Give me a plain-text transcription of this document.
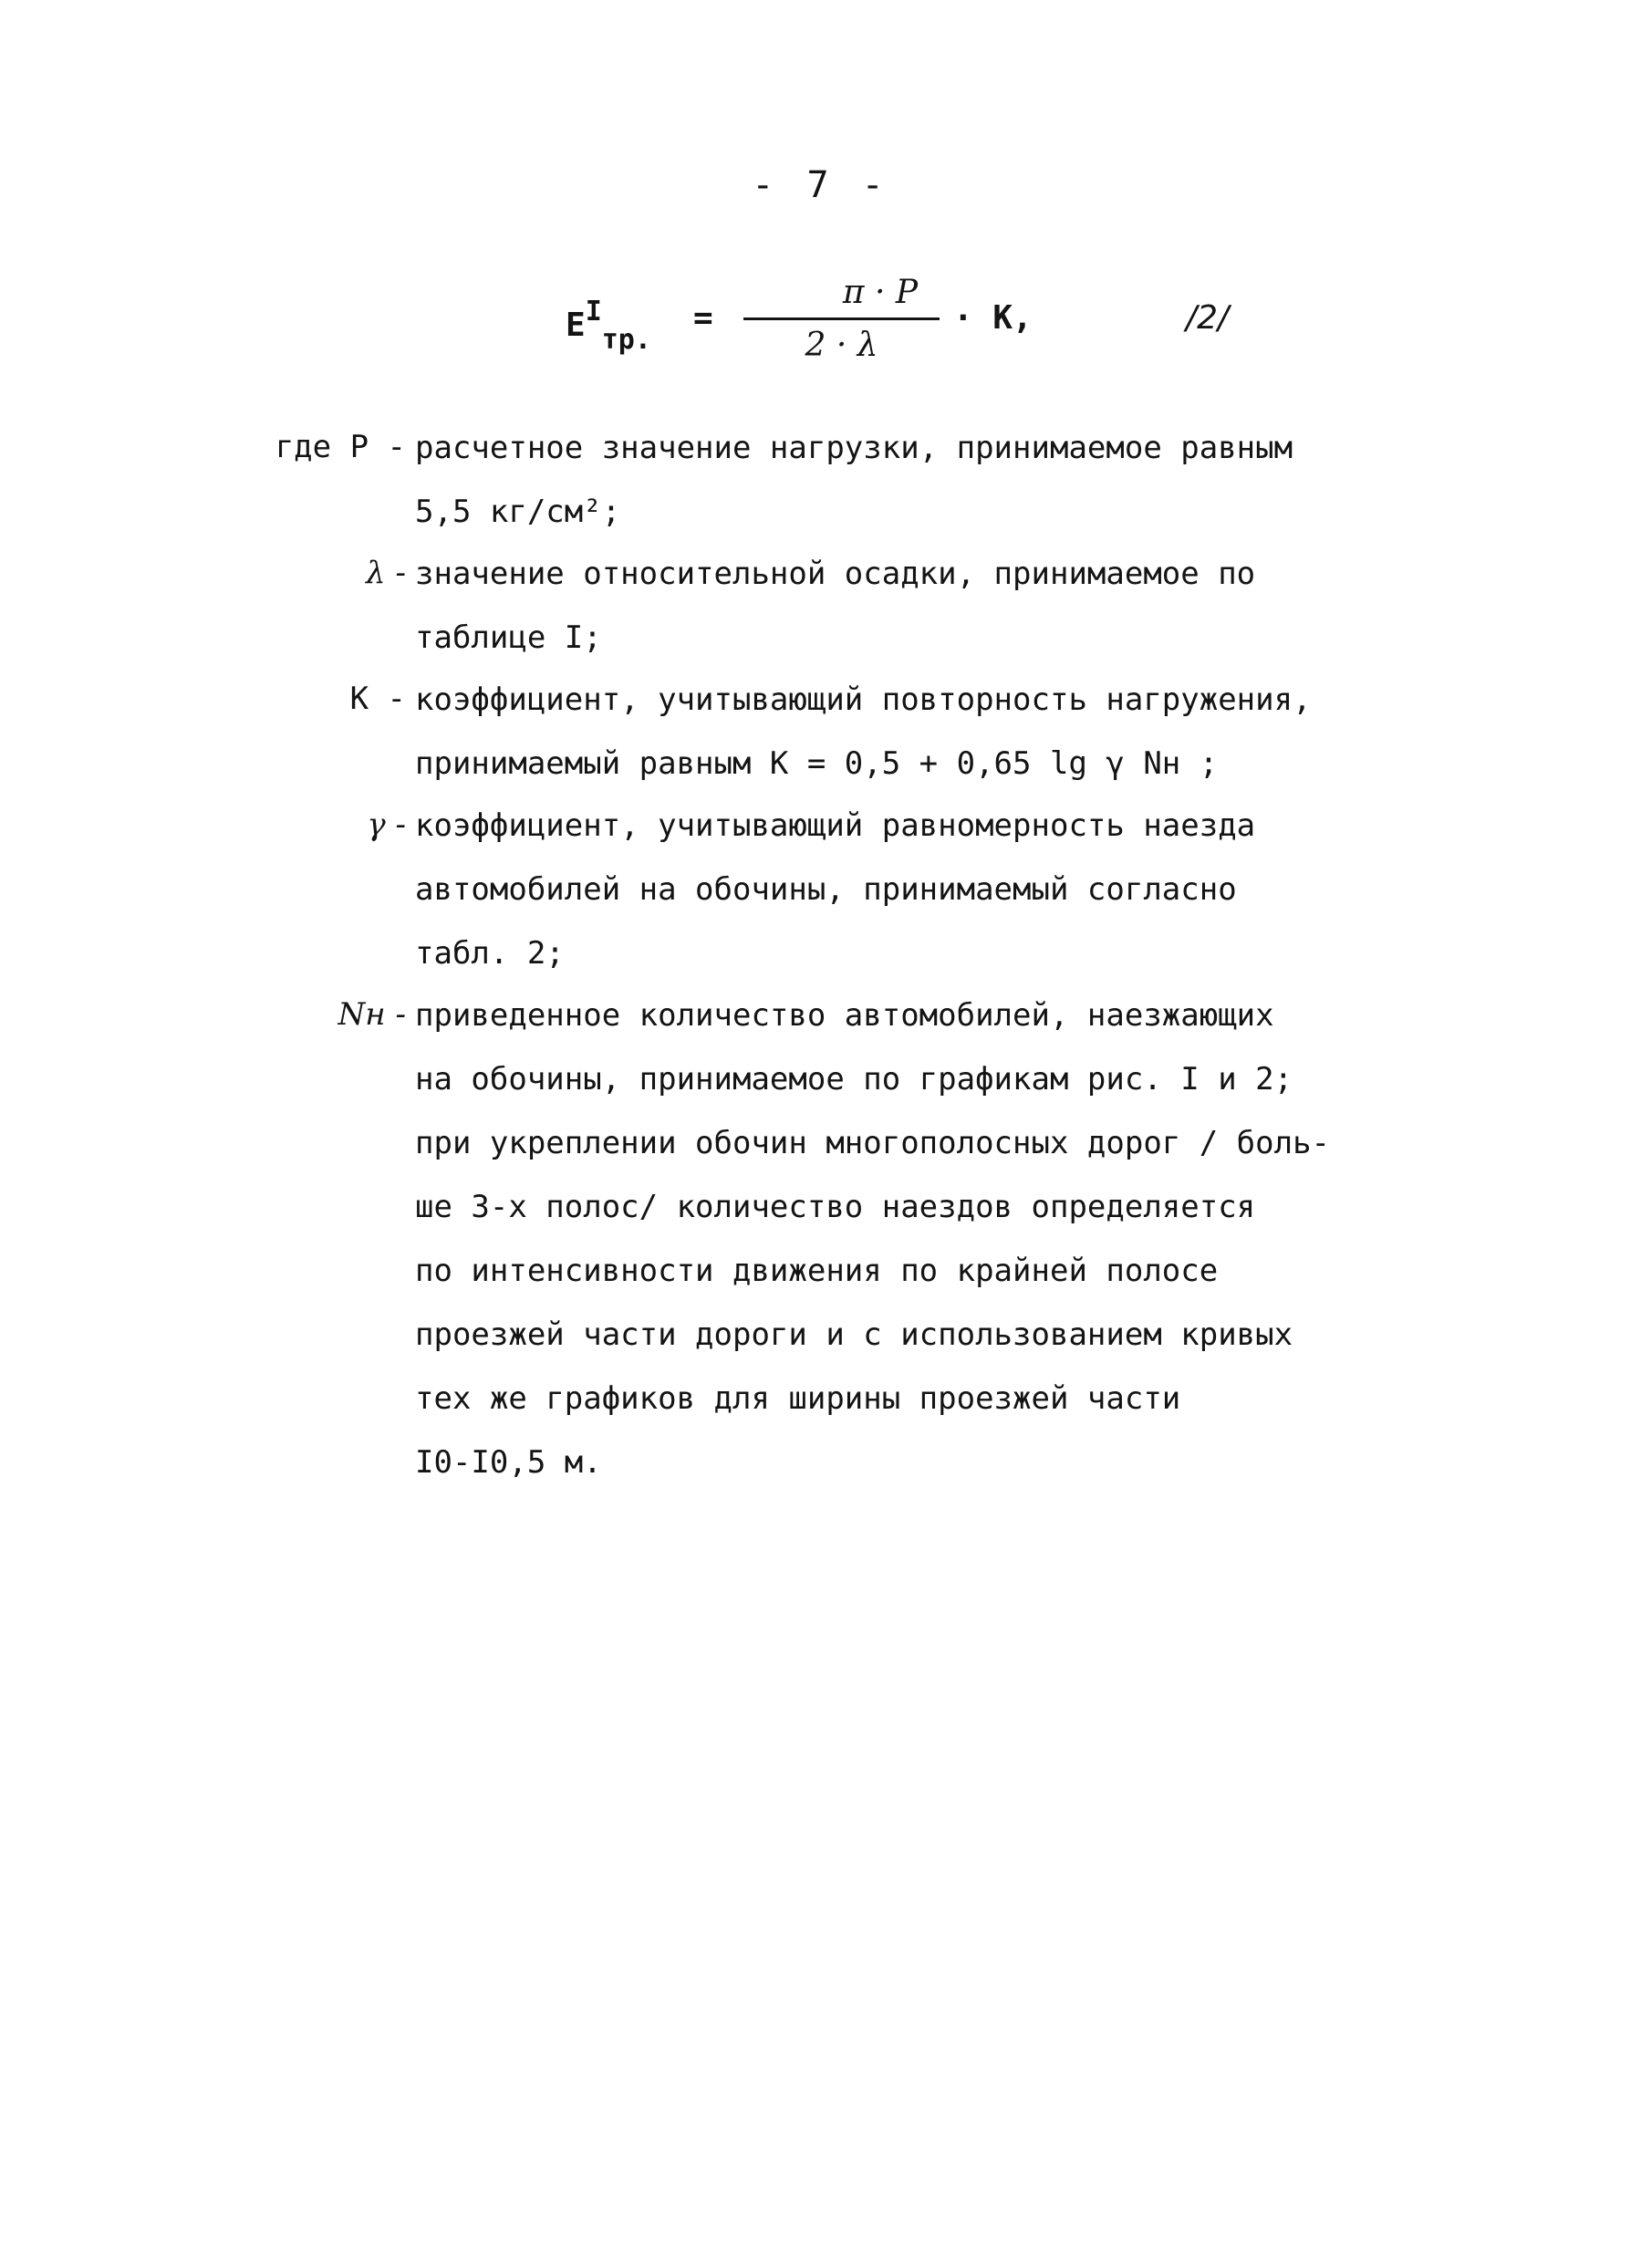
- 7 -
$E^I_{тр.}$
=
π · P
2 · λ
· K,	/2/
где P - расчетное значение нагрузки, принимаемое равным
5,5 кг/см²;
λ - значение относительной осадки, принимаемое по
таблице I;
K - коэффициент, учитывающий повторность нагружения,
принимаемый равным K = 0,5 + 0,65 lg γ Nн ;
γ - коэффициент, учитывающий равномерность наезда
автомобилей на обочины, принимаемый согласно
табл. 2;
Nн - приведенное количество автомобилей, наезжающих
на обочины, принимаемое по графикам рис. I и 2;
при укреплении обочин многополосных дорог / боль-
ше 3-х полос/ количество наездов определяется
по интенсивности движения по крайней полосе
проезжей части дороги и с использованием кривых
тех же графиков для ширины проезжей части
I0-I0,5 м.
